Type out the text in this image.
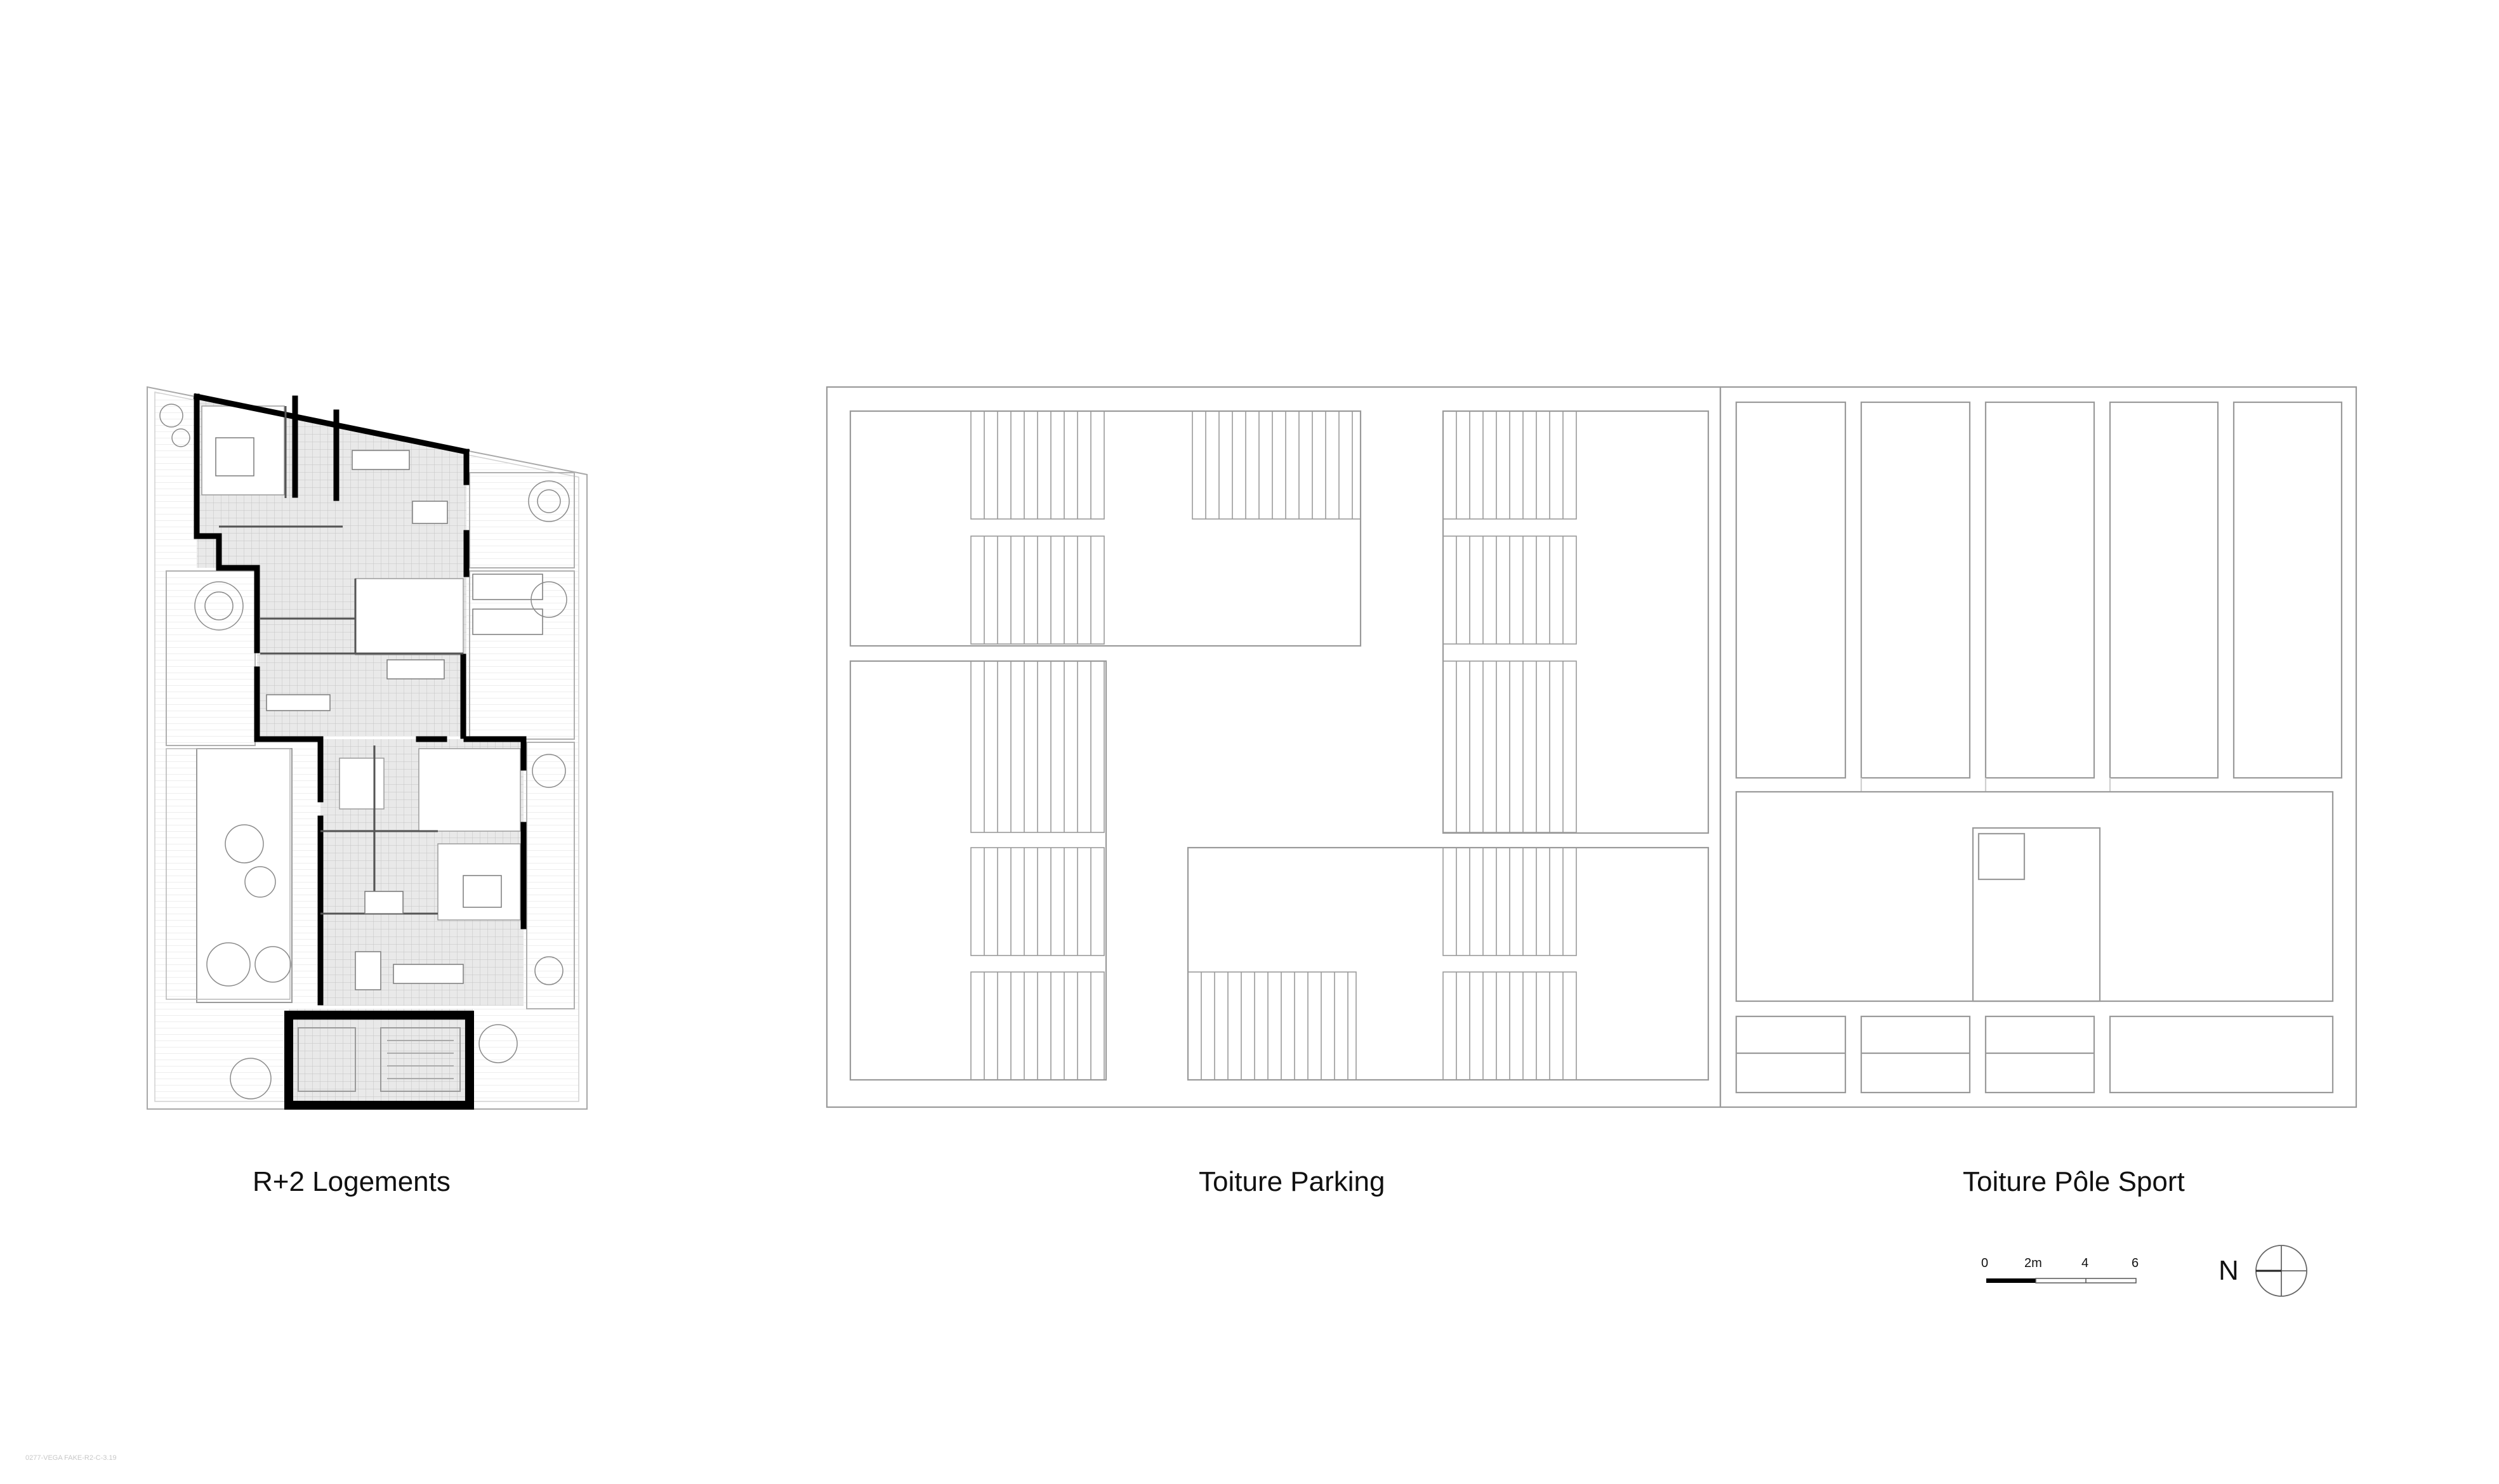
R+2 Logements	Toiture Parking	Toiture Pôle Sport
0	2m	4	6	N
0277-VEGA FAKE-R2-C-3.19
